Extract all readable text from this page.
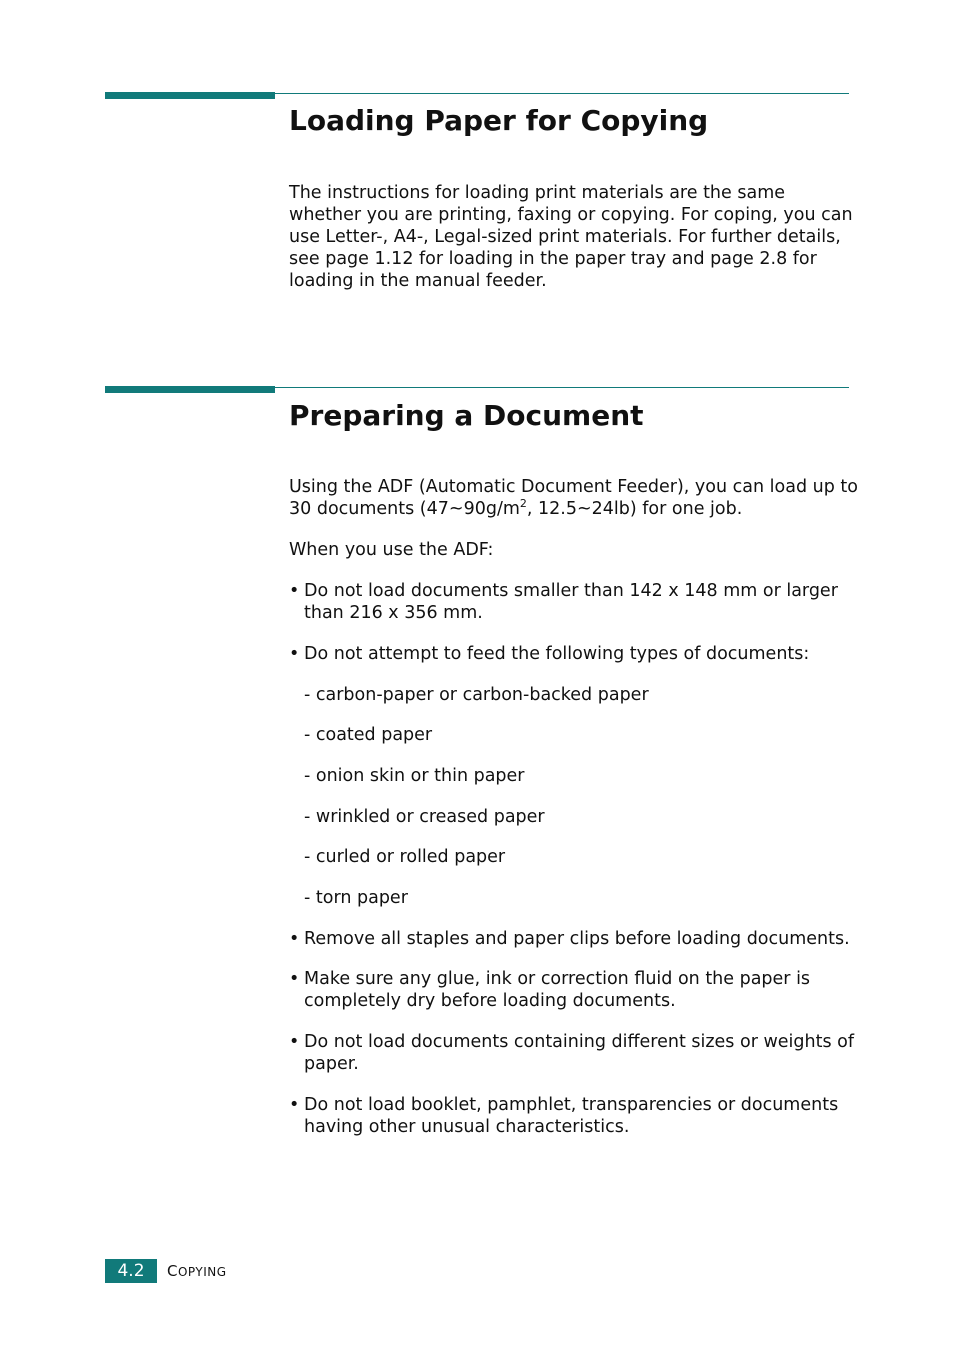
Loading Paper for Copying

The instructions for loading print materials are the same whether you are printing, faxing or copying. For coping, you can use Letter-, A4-, Legal-sized print materials. For further details, see page 1.12 for loading in the paper tray and page 2.8 for loading in the manual feeder.

Preparing a Document

Using the ADF (Automatic Document Feeder), you can load up to 30 documents ($47\sim 90g/m^2$, 12.5~24lb) for one job.

When you use the ADF:

• Do not load documents smaller than 142 x 148 mm or larger than 216 x 356 mm.

• Do not attempt to feed the following types of documents:

- carbon-paper or carbon-backed paper

- coated paper

- onion skin or thin paper

- wrinkled or creased paper

- curled or rolled paper

- torn paper

• Remove all staples and paper clips before loading documents.

• Make sure any glue, ink or correction fluid on the paper is completely dry before loading documents.

• Do not load documents containing different sizes or weights of paper.

• Do not load booklet, pamphlet, transparencies or documents having other unusual characteristics.

4.2	COPYING
